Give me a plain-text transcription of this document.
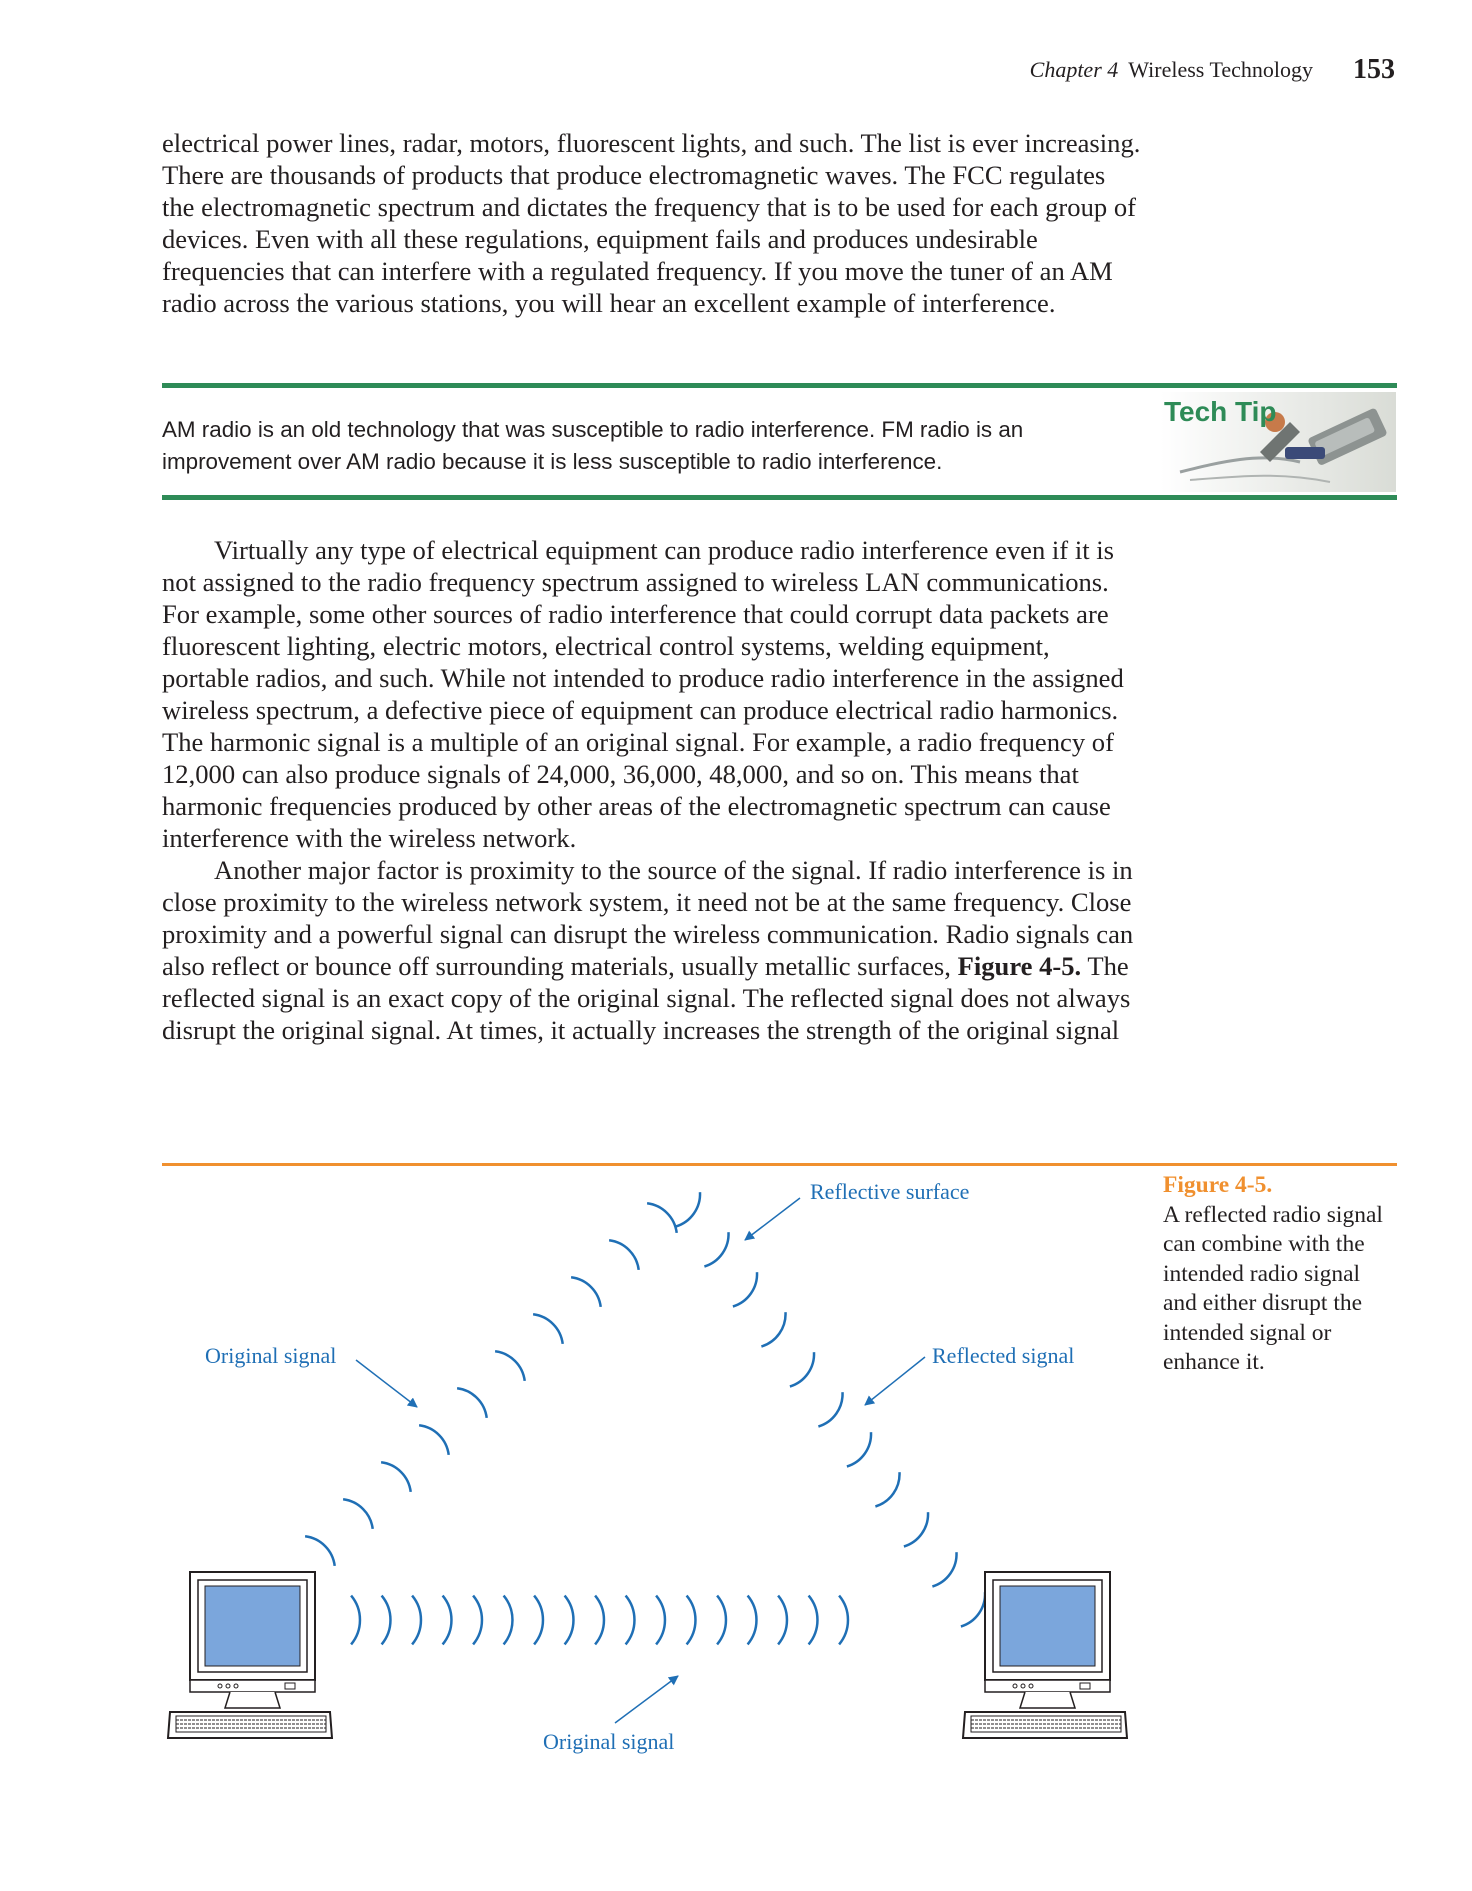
Chapter 4 Wireless Technology 153

electrical power lines, radar, motors, fluorescent lights, and such. The list is ever increasing. There are thousands of products that produce electromagnetic waves. The FCC regulates the electromagnetic spectrum and dictates the frequency that is to be used for each group of devices. Even with all these regulations, equipment fails and produces undesirable frequencies that can interfere with a regulated frequency. If you move the tuner of an AM radio across the various stations, you will hear an excellent example of interference.

AM radio is an old technology that was susceptible to radio interference. FM radio is an improvement over AM radio because it is less susceptible to radio interference.

Tech Tip

Virtually any type of electrical equipment can produce radio interference even if it is not assigned to the radio frequency spectrum assigned to wireless LAN communications. For example, some other sources of radio interference that could corrupt data packets are fluorescent lighting, electric motors, electrical control systems, welding equipment, portable radios, and such. While not intended to produce radio interference in the assigned wireless spectrum, a defective piece of equipment can produce electrical radio harmonics. The harmonic signal is a multiple of an original signal. For example, a radio frequency of 12,000 can also produce signals of 24,000, 36,000, 48,000, and so on. This means that harmonic frequencies produced by other areas of the electromagnetic spectrum can cause interference with the wireless network.

Another major factor is proximity to the source of the signal. If radio interference is in close proximity to the wireless network system, it need not be at the same frequency. Close proximity and a powerful signal can disrupt the wireless communication. Radio signals can also reflect or bounce off surrounding materials, usually metallic surfaces, Figure 4-5. The reflected signal is an exact copy of the original signal. The reflected signal does not always disrupt the original signal. At times, it actually increases the strength of the original signal

Figure 4-5.
A reflected radio signal can combine with the intended radio signal and either disrupt the intended signal or enhance it.
Reflective surface
Original signal	Reflected signal
Original signal
